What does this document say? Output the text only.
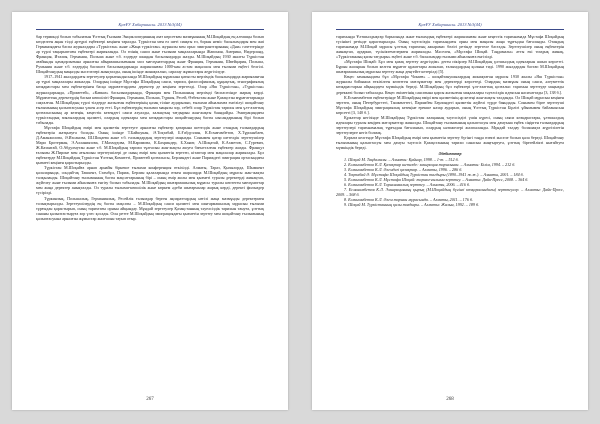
ҚазҰУ Хабаршысы. 2013 №3(44)

бар терминді болып табылатын Ұлттық Ғылыми Энциклопедияның азат көрсеткен мазмұнының М.Шоқайдың ең алғашқы болып көзделген ақын тілді әртүрлі еңбектері кеңінен таралды. Түркістан мен ел шеті сияқты ел, борын неміс басылымдары мен жиі Германиядағы баспа журналдары «Түркістан» және «Жаңа түркістан» журналы мен орыс эмигранттарының «Дни» газеттерінде әр түрлі тақырыптағы еңбектері жарияланды. Ол өзінің саяси және ғылыми мақалаларында Жапония, Америка, Нидерланд, Франция, Италия, Германия, Польша және т.б. елдерде шыққан басылымдарда жазды. М.Шоқайдың 1930 жылғы Түркістан ағайынды қамқорлығына арналған айырмашылығынан мол мағлұматтардың және Франция, Германия, Швейцария, Польша, Румыния және т.б. елдердің баспасөз басылымдарында жарияланған 1000-нан астам мақаласы мен ғылыми еңбегі белгілі. Шоқайтанудың маңызды мәселелері анықталды, оның ішінде жинақталып, саралау жұмыстары жүргізілуде.

1917–1941 жылдардағы зерттеулер қорытындысында М.Шоқайдың мұрасына қатысты мерзімдік басылымдарда жарияланған әр түрлі мақалалары жиналды. Олардың ішінде Мұстафа Шоқайдың саяси, тарихи, философиялық, құқықтық, этнографиялық көзқарастары мен еңбектерінен басқа мұрағаттардағы деректер де кеңінен зерттелді. Олар «Яш Түркістан», «Түркістан» журналдарында, «Прометей», «Кавказ» басылымдарында, Франция мен Польшаның мерзімді баспасөзінде жарық көрді. Мұрағаттық деректердің басым көпшілігі Франция, Германия, Польша, Түркия, Ресей, Өзбекстан және Қазақстан мұрағаттарында сақталған. М.Шоқайдың түрлі тілдерде жазылған еңбектерінің қазақ тіліне аударылып, ғылыми айналымға енгізілуі шоқайтану ғылымының қалыптасуына үлкен әсер етті. Бұл еңбектердің ғылыми маңызы зор, себебі олар Түркістан тарихы мен ұлт-азаттық қозғалысының әр кезеңін, кеңестік кезеңдегі саяси ахуалды, халықтың тағдырын жан-жақты баяндайды. Эмиграциядағы түркістандық зиялылардың қызметі, олардың идеялары мен көзқарастары шоқайтанудың басты нысандарының бірі болып табылады.

Мұстафа Шоқайдың өмірі мен қызметін зерттеуге арналған еңбектер қатарына шетелдік және отандық ғалымдардың еңбектерін жатқызуға болады. Оның ішінде Т.Байшукан, Ә.Тоқтабай, Б.Ғабдуллин, К.Есмағамбетов, Х.Тұрсынбаев, Д.Аманжолова, Ә.Ихсанова, Ш.Шоқаева және т.б. ғалымдардың зерттеулері маңызды. Сонымен қатар шетелдік зерттеушілер Мари Бротерман, Э.Алланиязова, Г.Махмудова, М.Каримова, К.Бахриндер, Б.Хаяит, А.Шоқатай, К.Ахметов, С.Гуревич, Ж.Казантай, О.Абдулмутан және т.б. М.Шоқайдың тарихи тұлғасын жан-жақты ашуға бағытталған еңбектер жазды. Француз ғалымы Ж.Пироне мен ағылшын зерттеушілері де оның өмірі мен қызметін зерттеп, кітаптар мен мақалалар жариялады. Бұл еңбектерде М.Шоқайдың Түркістан Ұлттық Комитеті, Прометей қозғалысы, Берлиндегі және Париждегі эмиграция ортасындағы қызметі кеңінен қарастырылды.

Түркістан М.Шоқайға арнап арнайы бірнеше ғылыми конференция өткізілді. Алматы, Тараз, Қызылорда, Шымкент қалаларында, сондай-ақ Ташкент, Стамбұл, Париж, Берлин қалаларында өткен шараларда М.Шоқайдың мұрасы жан-жақты талқыланды. Шоқайтану ғылымының басты мақсаттарының бірі – оның өмір жолы мен қызметі туралы деректерді жинақтап, жүйелеу және ғылыми айналымға енгізу болып табылады. М.Шоқайдың шығармашылық мұрасы туралы көптеген мағлұматтар мен жаңа деректер анықталды. Ол туралы ғылыми-көпшілік және көркем әдеби шығармалар жарық көрді, деректі фильмдер түсірілді.

Түркиялық, Польшалық, Германиялық, Ресейлік ғалымдар берген ақпараттардың негізі жаңа мазмұнды деректермен толықтырылды. Зерттеушілердің ең басты мақсаты – М.Шоқайдың саяси қызметі мен шығармашылық мұрасын ғылыми тұрғыдан қарастырып, оның тарихтағы орнын айқындау. Мұндай зерттеулер Қазақстанның тәуелсіздік тарихын тануға, ұлттық сананы қалыптастыруға зор үлес қосады. Осы ретте М.Шоқайдың эмиграциядағы қызметін зерттеу мен шоқайтану ғылымының қалыптасуына арналған жұмыстар жалғасын тауып отыр.

267
ҚазҰУ Хабаршысы. 2013 №3(44)

тарихында Ұлтшылдықтар барысында және ғылымдық еңбектері жарияланған және кеңестік тарихнамада Мұстафа Шоқайдың түсінікті ретінде қарастырылды. Оның тәуелсіздік тарихындағы орны мен маңызы жаңа тұрғыдан бағаланды. Отандық тарихнамада М.Шоқай мұрасы ұлттық тарихтың ажырамас бөлігі ретінде зерттеле бастады. Зерттеушілер оның еңбектерін жинақтап, аударып, түсініктемелермен жариялады. Мәселен, «Мұстафа Шоқай. Таңдамалы» атты екі томдық жинақ, «Түркістанның қилы тағдыры» еңбегі және т.б. басылымдар ғылыми айналымға енгізілді.

«Мұстафа Шоқай: Бұл мен қазақ зерттеу жүргіздім» деген пікірлер М.Шоқайдың ұлтшылдық идеяларын ашып көрсетті. Бұрын жасырын болып келген мұрағат құжаттары ашылып, ғалымдардың қолына тиді. 1990 жылдардан бастап М.Шоқайдың шығармашылық мұрасын зерттеу жаңа деңгейге көтерілді [5].

Кеңес заманындағы бұл «Мұстафа Чокаев» – шоқайтанушылардың жинақтаған мұрасы 1930 жылы «Яш Түркістан» журналы бойынша өткізілген көптеген мағлұматтар мен деректерді көрсетеді. Олардың мазмұны оның саяси, әлеуметтік көзқарастарын айқындауға мүмкіндік береді. М.Шоқайдың бұл еңбектері ұлт-азаттық қозғалыс тарихын зерттеуде маңызды дереккөзі болып табылады. Кеңес өкіметінің саясатына қарсы жазылған мақалалары тәуелсіздік идеясын насихаттады [3, 138 б.].

К.Есмағамбетов еңбектерінде М.Шоқайдың өмірі мен қызметінің әр кезеңі жан-жақты талданды. Ол Шоқай мұрасын кеңінен зерттеп, оның Петербургтегі, Ташкенттегі, Парижбен Берлиндегі қызметін жүйелі түрде баяндады. Сонымен бірге зерттеуші Мұстафа Шоқайдың эмиграциялық кезеңіне ерекше назар аударып, оның Ұлттық Түркістан Бірлігі ұйымымен байланысын көрсетті [3, 140 б.].

Құжаттар негізінде М.Шоқайдың Түркістан халқының тәуелсіздігі үшін күресі, оның саяси көзқарастары, ұлтшылдық идеялары туралы кеңірек мағлұматтар жиналды. Шоқайтану ғылымының қалыптасуы мен дамуына еңбек сіңірген ғалымдардың зерттеулері тарихнамалық тұрғыдан бағаланып, олардың нәтижелері жалпыланды. Мұндай талдау болашақта жүргізілетін зерттеулерге негіз болмақ.

Қорыта келгенде Мұстафа Шоқайдың өмірі мен қызметін зерттеу бүгінгі таңда өзекті мәселе болып қала береді. Шоқайтану ғылымының қалыптасуы мен дамуы тәуелсіз Қазақстанның тарихи санасын жаңғыртуға, ұлттық бірегейлікті нығайтуға мүмкіндік береді.

Әдебиеттер

1. Шоқай М. Таңдамалы. – Алматы: Қайнар, 1998. – 1-т. – 512 б.

2. Есмағамбетов К.Л. Қазақтар шетелде: эмиграция тарихынан. – Алматы: Білім, 1994. – 212 б.

3. Есмағамбетов К.Л. Әлемдегі қазақтар. – Алматы, 1996. – 286 б.

4. Тоқтабай Ә. Мұстафа Шоқайдың Түркістан тағдыры (1890–1941 ж.ж.). – Алматы, 2001. – 184 б.

5. Есмағамбетов К.Л. Мұстафа Шоқай: тарихи-ғылыми зерттеу. – Алматы: Дайк-Пресс, 2008. – 364 б.

6. Есмағамбетов К.Л. Тарихнамалық зерттеу. – Алматы, 2006. – 416 б.

7. Есмағамбетов К.Л. Эмиграцияның қырық (М.Шоқайдың бүгінгі көзқарасындағы) зерттеулер. – Алматы: Дайк-Пресс, 2009. – 568 б.

8. Есмағамбетов К.Л. Әлем тарихы мұрасында. – Алматы, 2011. – 176 б.

9. Шоқай М. Түркістанның қилы тағдыры. – Алматы: Жалын, 1992. – 189 б.

268
